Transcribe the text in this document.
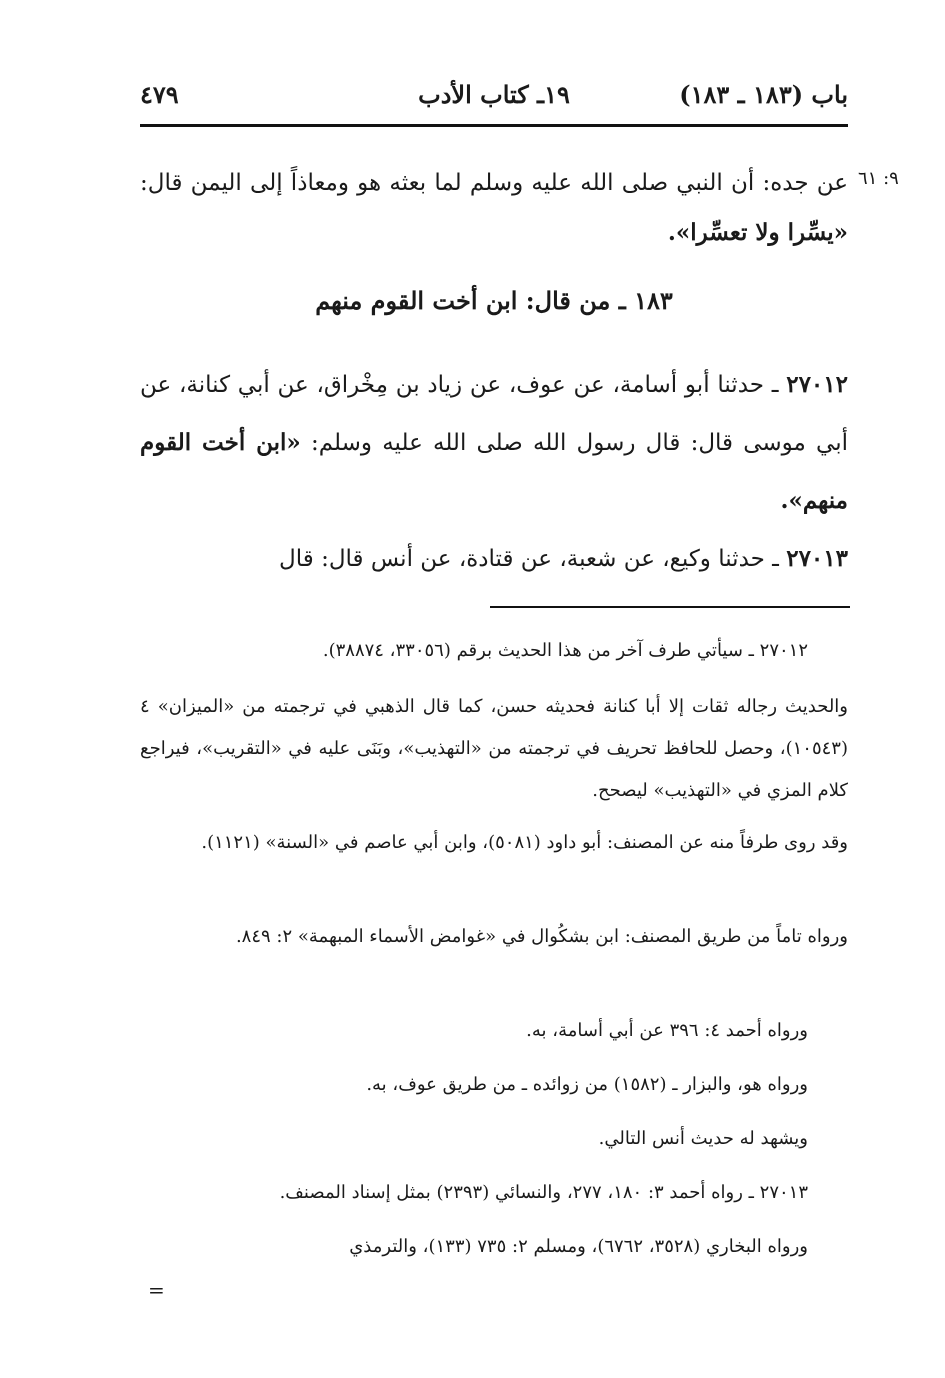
باب (١٨٣ ـ ١٨٣)
١٩ـ كتاب الأدب
٤٧٩
٩: ٦١
عن جده: أن النبي صلى الله عليه وسلم لما بعثه هو ومعاذاً إلى اليمن قال: «يسِّرا ولا تعسِّرا».
١٨٣ ـ من قال: ابن أخت القوم منهم
٢٧٠١٢ ـ حدثنا أبو أسامة، عن عوف، عن زياد بن مِخْراق، عن أبي كنانة، عن أبي موسى قال: قال رسول الله صلى الله عليه وسلم: «ابن أخت القوم منهم».
٢٧٠١٣ ـ حدثنا وكيع، عن شعبة، عن قتادة، عن أنس قال: قال
٢٧٠١٢ ـ سيأتي طرف آخر من هذا الحديث برقم (٣٣٠٥٦، ٣٨٨٧٤).
والحديث رجاله ثقات إلا أبا كنانة فحديثه حسن، كما قال الذهبي في ترجمته من «الميزان» ٤ (١٠٥٤٣)، وحصل للحافظ تحريف في ترجمته من «التهذيب»، وبَنَى عليه في «التقريب»، فيراجع كلام المزي في «التهذيب» ليصحح.
وقد روى طرفاً منه عن المصنف: أبو داود (٥٠٨١)، وابن أبي عاصم في «السنة» (١١٢١).
ورواه تاماً من طريق المصنف: ابن بشكُوال في «غوامض الأسماء المبهمة» ٢: ٨٤٩.
ورواه أحمد ٤: ٣٩٦ عن أبي أسامة، به.
ورواه هو، والبزار ـ (١٥٨٢) من زوائده ـ من طريق عوف، به.
ويشهد له حديث أنس التالي.
٢٧٠١٣ ـ رواه أحمد ٣: ١٨٠، ٢٧٧، والنسائي (٢٣٩٣) بمثل إسناد المصنف.
ورواه البخاري (٣٥٢٨، ٦٧٦٢)، ومسلم ٢: ٧٣٥ (١٣٣)، والترمذي
=
